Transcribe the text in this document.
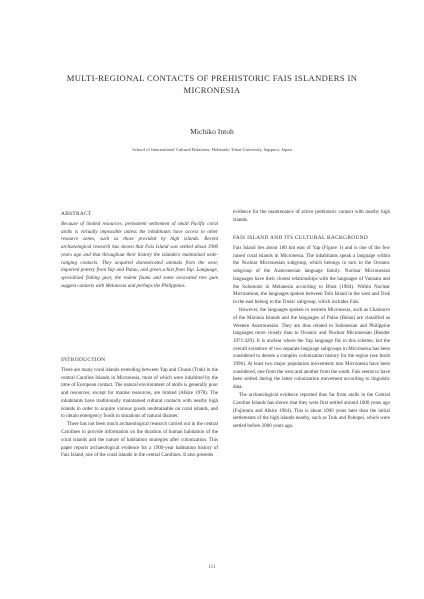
MULTI-REGIONAL CONTACTS OF PREHISTORIC FAIS ISLANDERS IN
MICRONESIA
Michiko Intoh
School of International Cultural Relations, Hokkaido Tokai University, Sapporo, Japan
ABSTRACT

Because of limited resources, permanent settlement of small Pacific coral atolls is virtually impossible unless the inhabitants have access to other resource zones, such as those provided by high islands. Recent archaeological research has shown that Fais Island was settled about 1900 years ago and that throughout their history the islanders maintained wide-ranging contacts. They acquired domesticated animals from the west, imported pottery from Yap and Palau, and green schist from Yap. Language, specialised fishing gear, the rodent fauna and some excavated tree gum suggest contacts with Melanesia and perhaps the Philippines.

INTRODUCTION

There are many coral islands extending between Yap and Chuuk (Truk) in the central Caroline Islands in Micronesia, most of which were inhabited by the time of European contact. The natural environment of atolls is generally poor and resources, except for marine resources, are limited (Alkire 1978). The inhabitants have traditionally maintained cultural contacts with nearby high islands in order to acquire various goods unobtainable on coral islands, and to obtain emergency foods in situations of natural disaster.

There has not been much archaeological research carried out in the central Carolines to provide information on the duration of human habitation of the coral islands and the nature of habitation strategies after colonization. This paper reports archaeological evidence for a 1900-year habitation history of Fais Island, one of the coral islands in the central Carolines. It also presents

evidence for the maintenance of active prehistoric contact with nearby high islands.

FAIS ISLAND AND ITS CULTURAL BACKGROUND

Fais Island lies about 180 km east of Yap (Figure 1) and is one of the few raised coral islands in Micronesia. The inhabitants speak a language within the Nuclear Micronesian subgroup, which belongs in turn to the Oceanic subgroup of the Austronesian language family. Nuclear Micronesian languages have their closest relationships with the languages of Vanuatu and the Solomons in Melanesia according to Blust (1984). Within Nuclear Micronesian, the languages spoken between Tobi Island in the west and Truk in the east belong to the Trukic subgroup, which includes Fais.

However, the languages spoken in western Micronesia, such as Chamorro of the Mariana Islands and the languages of Palau (Belau) are classified as Western Austronesian. They are thus related to Indonesian and Philippine languages more closely than to Oceanic and Nuclear Micronesian (Bender 1971:429). It is unclear where the Yap language fits in this scheme, but the overall existence of two separate language subgroups in Micronesia has been considered to denote a complex colonization history for the region (see Intoh 1996). At least two major population movements into Micronesia have been considered, one from the west and another from the south. Fais seems to have been settled during the latter colonization movement according to linguistic data.

The archaeological evidence reported thus far from atolls in the Central Caroline Islands has shown that they were first settled around 1000 years ago (Fujimura and Alkire 1984). This is about 1000 years later than the initial settlements of the high islands nearby, such as Truk and Pohnpei, which were settled before 2000 years ago.

111
